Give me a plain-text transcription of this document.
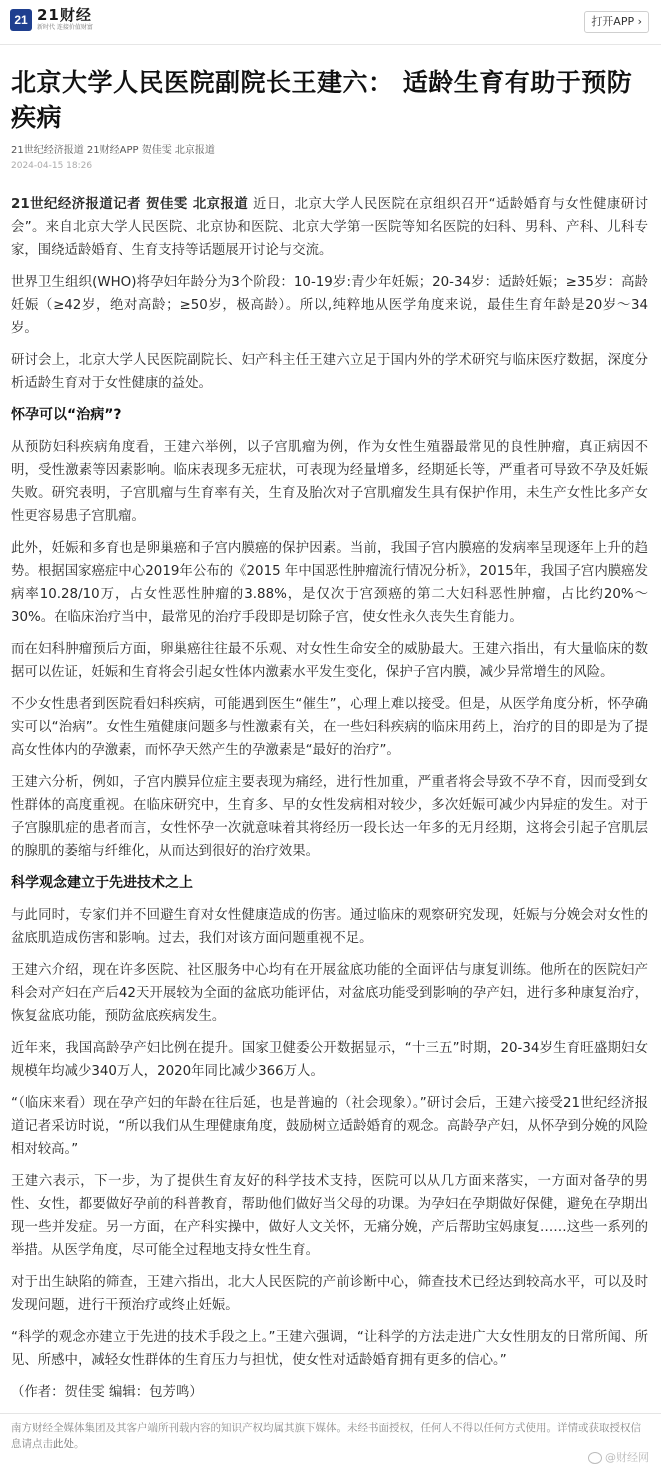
21 21财经
新时代 连接价值财富	打开APP ›
北京大学人民医院副院长王建六： 适龄生育有助于预防疾病
21世纪经济报道 21财经APP 贺佳雯 北京报道
2024-04-15 18:26

21世纪经济报道记者 贺佳雯 北京报道 近日，北京大学人民医院在京组织召开“适龄婚育与女性健康研讨会”。来自北京大学人民医院、北京协和医院、北京大学第一医院等知名医院的妇科、男科、产科、儿科专家，围绕适龄婚育、生育支持等话题展开讨论与交流。

世界卫生组织(WHO)将孕妇年龄分为3个阶段：10-19岁:青少年妊娠；20-34岁：适龄妊娠；≥35岁：高龄妊娠（≥42岁，绝对高龄；≥50岁，极高龄）。所以,纯粹地从医学角度来说，最佳生育年龄是20岁～34岁。

研讨会上，北京大学人民医院副院长、妇产科主任王建六立足于国内外的学术研究与临床医疗数据，深度分析适龄生育对于女性健康的益处。

怀孕可以“治病”?

从预防妇科疾病角度看，王建六举例，以子宫肌瘤为例，作为女性生殖器最常见的良性肿瘤，真正病因不明，受性激素等因素影响。临床表现多无症状，可表现为经量增多，经期延长等，严重者可导致不孕及妊娠失败。研究表明，子宫肌瘤与生育率有关，生育及胎次对子宫肌瘤发生具有保护作用，未生产女性比多产女性更容易患子宫肌瘤。

此外，妊娠和多育也是卵巢癌和子宫内膜癌的保护因素。当前，我国子宫内膜癌的发病率呈现逐年上升的趋势。根据国家癌症中心2019年公布的《2015 年中国恶性肿瘤流行情况分析》，2015年，我国子宫内膜癌发病率10.28/10万，占女性恶性肿瘤的3.88%，是仅次于宫颈癌的第二大妇科恶性肿瘤，占比约20%～30%。在临床治疗当中，最常见的治疗手段即是切除子宫，使女性永久丧失生育能力。

而在妇科肿瘤预后方面，卵巢癌往往最不乐观、对女性生命安全的威胁最大。王建六指出，有大量临床的数据可以佐证，妊娠和生育将会引起女性体内激素水平发生变化，保护子宫内膜，减少异常增生的风险。

不少女性患者到医院看妇科疾病，可能遇到医生“催生”，心理上难以接受。但是，从医学角度分析，怀孕确实可以“治病”。女性生殖健康问题多与性激素有关，在一些妇科疾病的临床用药上，治疗的目的即是为了提高女性体内的孕激素，而怀孕天然产生的孕激素是“最好的治疗”。

王建六分析，例如，子宫内膜异位症主要表现为痛经，进行性加重，严重者将会导致不孕不育，因而受到女性群体的高度重视。在临床研究中，生育多、早的女性发病相对较少，多次妊娠可减少内异症的发生。对于子宫腺肌症的患者而言，女性怀孕一次就意味着其将经历一段长达一年多的无月经期，这将会引起子宫肌层的腺肌的萎缩与纤维化，从而达到很好的治疗效果。

科学观念建立于先进技术之上

与此同时，专家们并不回避生育对女性健康造成的伤害。通过临床的观察研究发现，妊娠与分娩会对女性的盆底肌造成伤害和影响。过去，我们对该方面问题重视不足。

王建六介绍，现在许多医院、社区服务中心均有在开展盆底功能的全面评估与康复训练。他所在的医院妇产科会对产妇在产后42天开展较为全面的盆底功能评估，对盆底功能受到影响的孕产妇，进行多种康复治疗，恢复盆底功能，预防盆底疾病发生。

近年来，我国高龄孕产妇比例在提升。国家卫健委公开数据显示，“十三五”时期，20-34岁生育旺盛期妇女规模年均减少340万人，2020年同比减少366万人。

“（临床来看）现在孕产妇的年龄在往后延，也是普遍的（社会现象）。”研讨会后，王建六接受21世纪经济报道记者采访时说，“所以我们从生理健康角度，鼓励树立适龄婚育的观念。高龄孕产妇，从怀孕到分娩的风险相对较高。”

王建六表示，下一步，为了提供生育友好的科学技术支持，医院可以从几方面来落实，一方面对备孕的男性、女性，都要做好孕前的科普教育，帮助他们做好当父母的功课。为孕妇在孕期做好保健，避免在孕期出现一些并发症。另一方面，在产科实操中，做好人文关怀，无痛分娩，产后帮助宝妈康复……这些一系列的举措。从医学角度，尽可能全过程地支持女性生育。

对于出生缺陷的筛查，王建六指出，北大人民医院的产前诊断中心，筛查技术已经达到较高水平，可以及时发现问题，进行干预治疗或终止妊娠。

“科学的观念亦建立于先进的技术手段之上。”王建六强调，“让科学的方法走进广大女性朋友的日常所闻、所见、所感中，减轻女性群体的生育压力与担忧，使女性对适龄婚育拥有更多的信心。”

（作者：贺佳雯 编辑：包芳鸣）

南方财经全媒体集团及其客户端所刊载内容的知识产权均属其旗下媒体。未经书面授权，任何人不得以任何方式使用。详情或获取授权信息请点击此处。
@财经网
